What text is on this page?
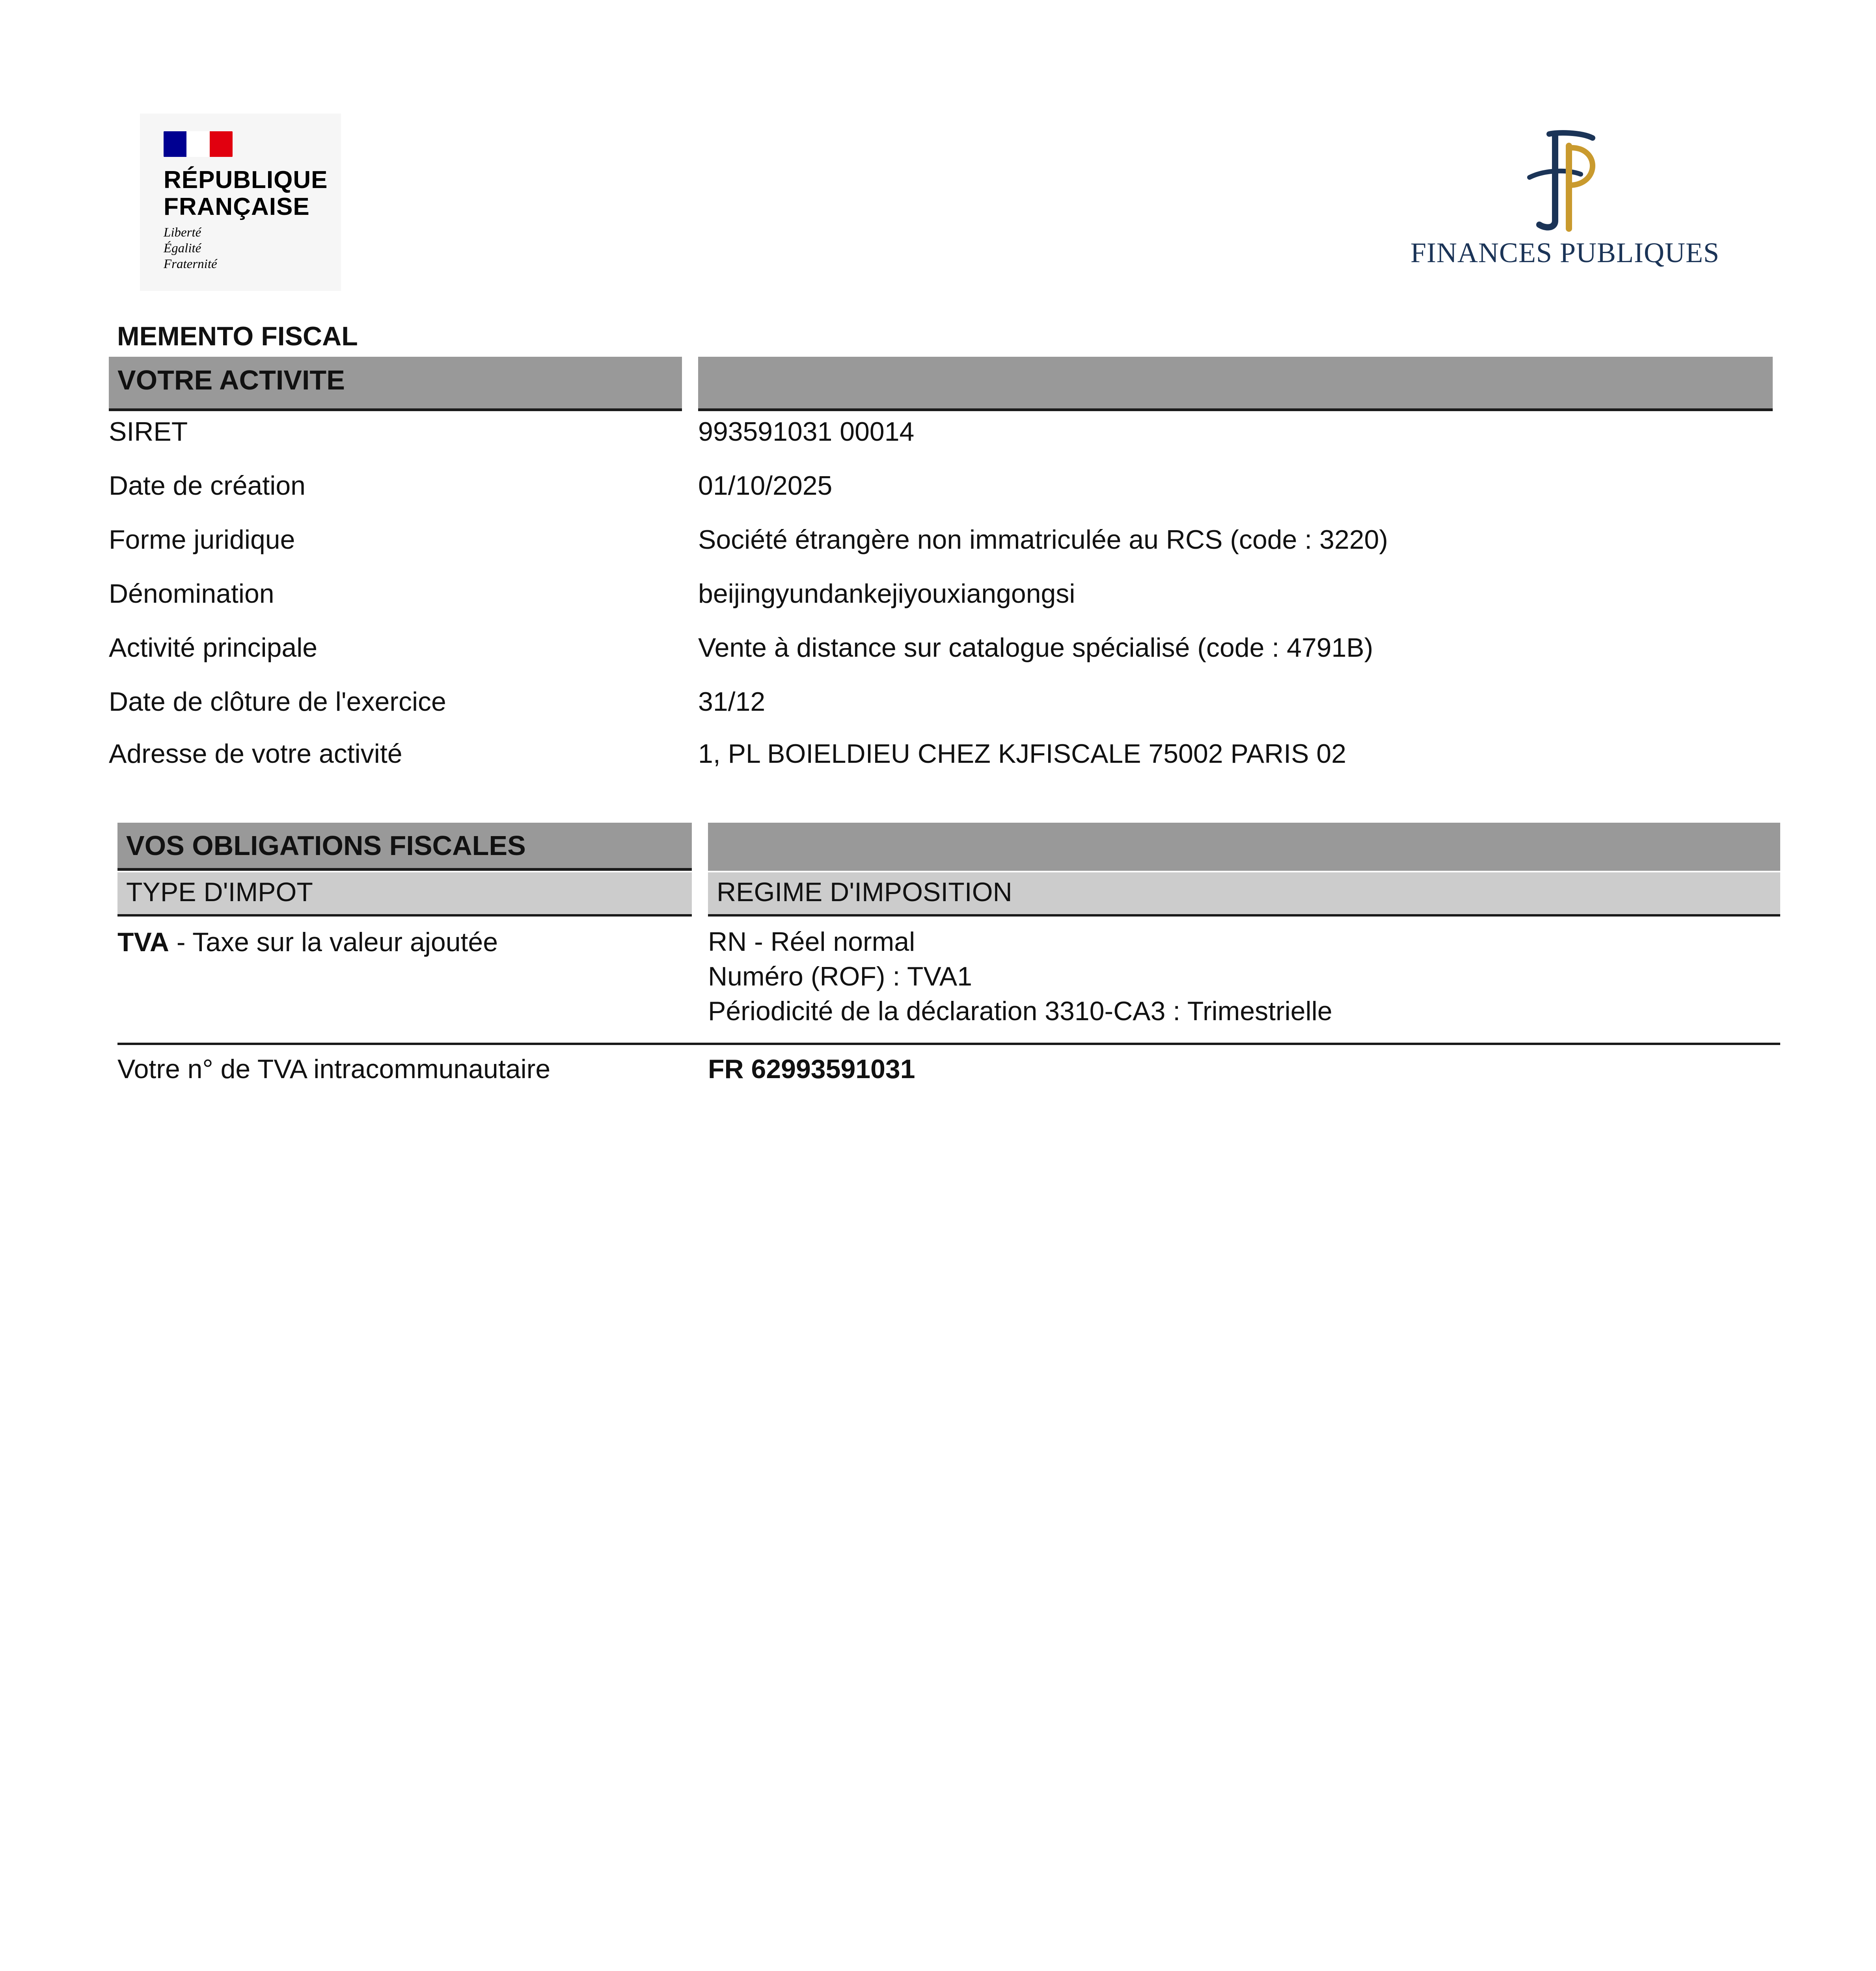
RÉPUBLIQUE
FRANÇAISE
Liberté
Égalité
Fraternité	FINANCES PUBLIQUES
MEMENTO FISCAL
VOTRE ACTIVITE
SIRET	993591031 00014
Date de création	01/10/2025
Forme juridique	Société étrangère non immatriculée au RCS (code : 3220)
Dénomination	beijingyundankejiyouxiangongsi
Activité principale	Vente à distance sur catalogue spécialisé (code : 4791B)
Date de clôture de l'exercice	31/12
Adresse de votre activité	1, PL BOIELDIEU CHEZ KJFISCALE 75002 PARIS 02
VOS OBLIGATIONS FISCALES
TYPE D'IMPOT	REGIME D'IMPOSITION
TVA - Taxe sur la valeur ajoutée	RN - Réel normal
Numéro (ROF) : TVA1
Périodicité de la déclaration 3310-CA3 : Trimestrielle
Votre n° de TVA intracommunautaire	FR 62993591031
